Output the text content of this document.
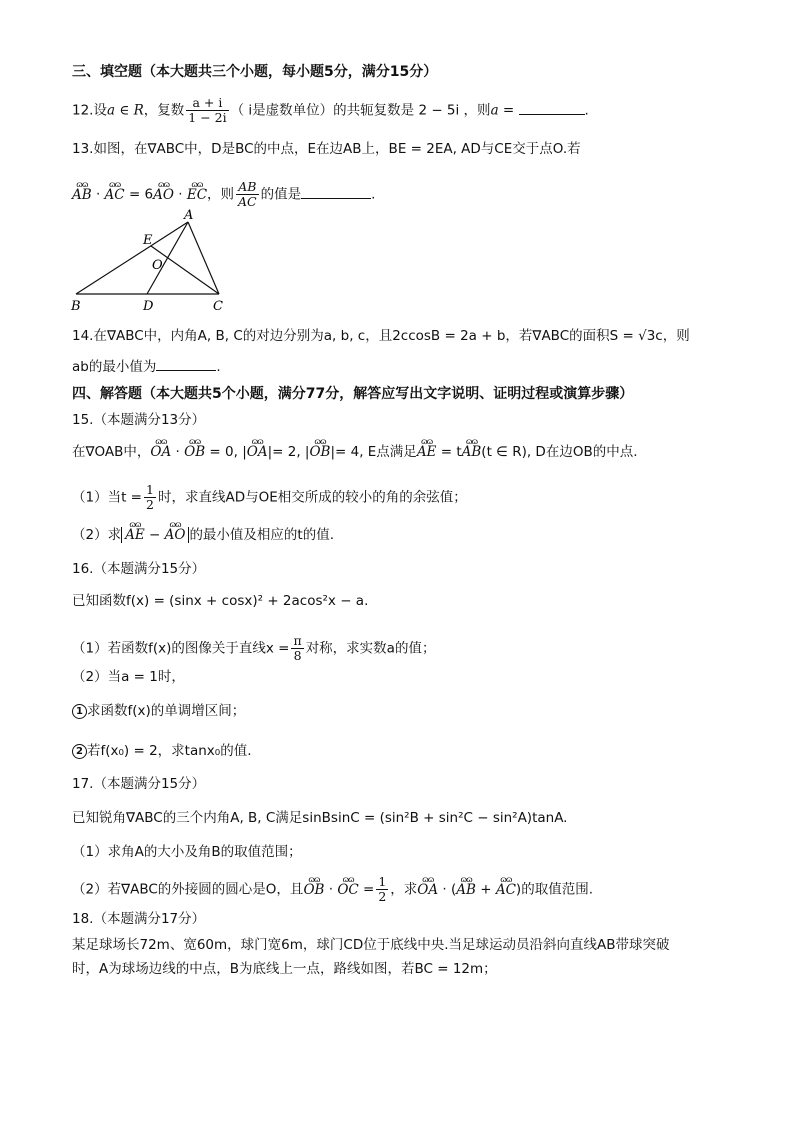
三、填空题（本大题共三个小题，每小题5分，满分15分）
12.设a ∈ R，复数 $\frac{a + i}{1 - 2i}$ （ i是虚数单位）的共轭复数是 2 − 5i ，则a =	.
13.如图，在∇ABC中，D是BC的中点，E在边AB上，BE = 2EA, AD与CE交于点O.若
ɷɷ AB · ɷɷ AC = 6ɷɷ AO · ɷɷ EC，则 $\frac{AB}{AC}$ 的值是	.
A
E
O
B	D	C
14.在∇ABC中，内角A, B, C的对边分别为a, b, c，且2ccosB = 2a + b，若∇ABC的面积S = √3c，则
ab的最小值为	.
四、解答题（本大题共5个小题，满分77分，解答应写出文字说明、证明过程或演算步骤）
15.（本题满分13分）
在∇OAB中，ɷɷ OA · ɷɷ OB = 0, |ɷɷ OA|= 2, |ɷɷ OB|= 4, E点满足ɷɷ AE = tɷɷ AB(t ∈ R), D在边OB的中点.
（1）当$t = \frac{1}{2}$ 时，求直线AD与OE相交所成的较小的角的余弦值；
（2）求 ɷɷ AE − ɷɷ AO 的最小值及相应的t的值.
16.（本题满分15分）
已知函数f(x) = (sinx + cosx)² + 2acos²x − a.
（1）若函数f(x)的图像关于直线$x = \frac{\pi}{8}$ 对称，求实数a的值；
（2）当a = 1时，
1 求函数f(x)的单调增区间；
2 若f(x₀) = 2，求tanx₀的值.
17.（本题满分15分）
已知锐角∇ABC的三个内角A, B, C满足sinBsinC = (sin²B + sin²C − sin²A)tanA.
（1）求角A的大小及角B的取值范围；
（2）若∇ABC的外接圆的圆心是O，且ɷɷ OB · ɷɷ OC = $\frac{1}{2}$ ，求ɷɷ OA · (ɷɷ AB + ɷɷ AC)的取值范围.
18.（本题满分17分）
某足球场长72m、宽60m，球门宽6m，球门CD位于底线中央.当足球运动员沿斜向直线AB带球突破
时，A为球场边线的中点，B为底线上一点，路线如图，若BC = 12m；
